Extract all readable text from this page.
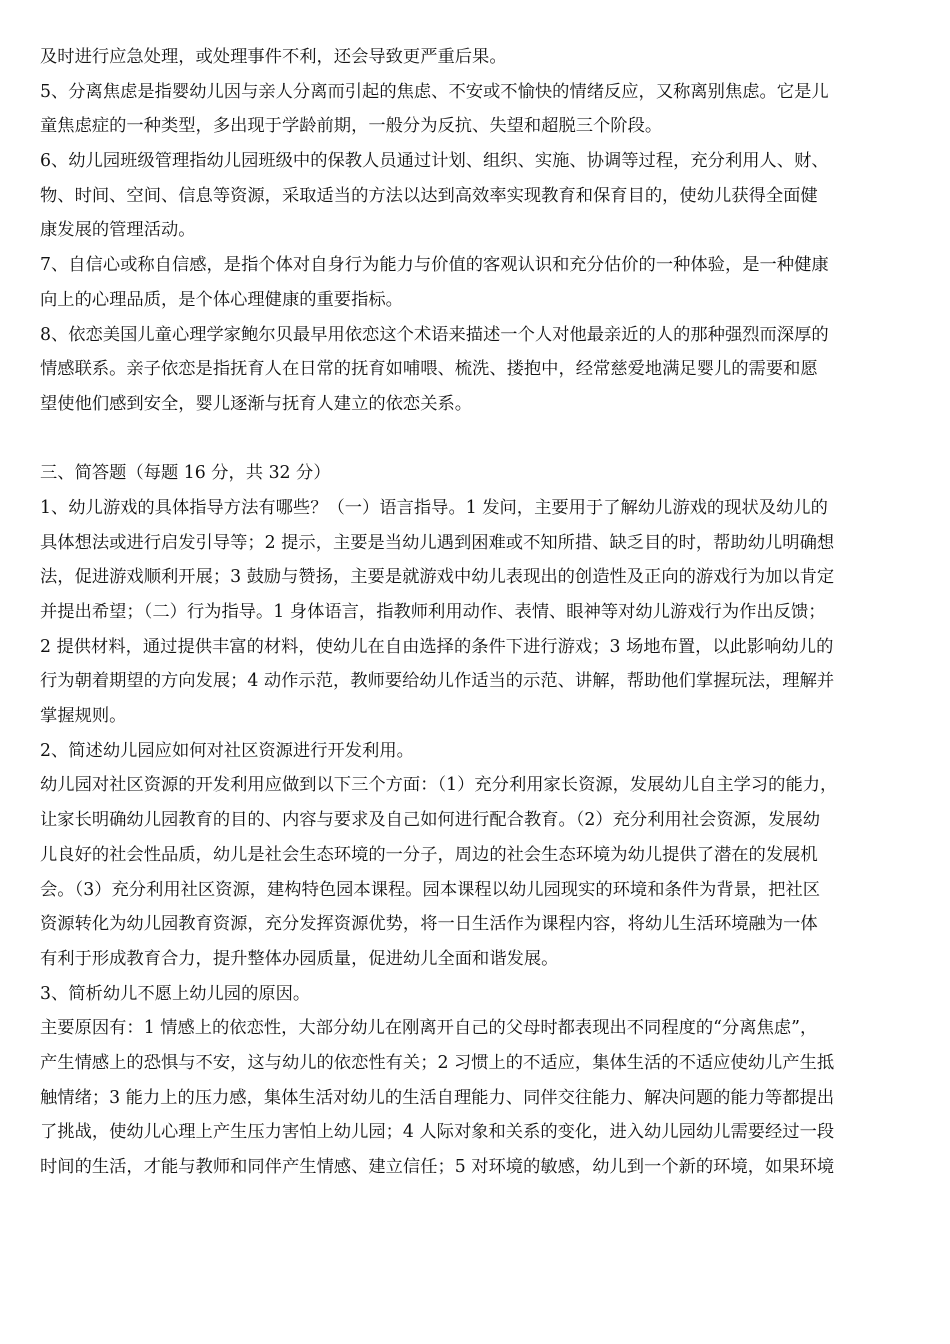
及时进行应急处理，或处理事件不利，还会导致更严重后果。
5、分离焦虑是指婴幼儿因与亲人分离而引起的焦虑、不安或不愉快的情绪反应，又称离别焦虑。它是儿
童焦虑症的一种类型，多出现于学龄前期，一般分为反抗、失望和超脱三个阶段。
6、幼儿园班级管理指幼儿园班级中的保教人员通过计划、组织、实施、协调等过程，充分利用人、财、
物、时间、空间、信息等资源，采取适当的方法以达到高效率实现教育和保育目的，使幼儿获得全面健
康发展的管理活动。
7、自信心或称自信感，是指个体对自身行为能力与价值的客观认识和充分估价的一种体验，是一种健康
向上的心理品质，是个体心理健康的重要指标。
8、依恋美国儿童心理学家鲍尔贝最早用依恋这个术语来描述一个人对他最亲近的人的那种强烈而深厚的
情感联系。亲子依恋是指抚育人在日常的抚育如哺喂、梳洗、搂抱中，经常慈爱地满足婴儿的需要和愿
望使他们感到安全，婴儿逐渐与抚育人建立的依恋关系。
三、简答题（每题 16 分，共 32 分）
1、幼儿游戏的具体指导方法有哪些？（一）语言指导。1 发问，主要用于了解幼儿游戏的现状及幼儿的
具体想法或进行启发引导等；2 提示，主要是当幼儿遇到困难或不知所措、缺乏目的时，帮助幼儿明确想
法，促进游戏顺利开展；3 鼓励与赞扬，主要是就游戏中幼儿表现出的创造性及正向的游戏行为加以肯定
并提出希望；（二）行为指导。1 身体语言，指教师利用动作、表情、眼神等对幼儿游戏行为作出反馈；
2 提供材料，通过提供丰富的材料，使幼儿在自由选择的条件下进行游戏；3 场地布置，以此影响幼儿的
行为朝着期望的方向发展；4 动作示范，教师要给幼儿作适当的示范、讲解，帮助他们掌握玩法，理解并
掌握规则。
2、简述幼儿园应如何对社区资源进行开发利用。
幼儿园对社区资源的开发利用应做到以下三个方面：（1）充分利用家长资源，发展幼儿自主学习的能力，
让家长明确幼儿园教育的目的、内容与要求及自己如何进行配合教育。（2）充分利用社会资源，发展幼
儿良好的社会性品质，幼儿是社会生态环境的一分子，周边的社会生态环境为幼儿提供了潜在的发展机
会。（3）充分利用社区资源，建构特色园本课程。园本课程以幼儿园现实的环境和条件为背景，把社区
资源转化为幼儿园教育资源，充分发挥资源优势，将一日生活作为课程内容，将幼儿生活环境融为一体
有利于形成教育合力，提升整体办园质量，促进幼儿全面和谐发展。
3、简析幼儿不愿上幼儿园的原因。
主要原因有：1 情感上的依恋性，大部分幼儿在刚离开自己的父母时都表现出不同程度的“分离焦虑”，
产生情感上的恐惧与不安，这与幼儿的依恋性有关；2 习惯上的不适应，集体生活的不适应使幼儿产生抵
触情绪；3 能力上的压力感，集体生活对幼儿的生活自理能力、同伴交往能力、解决问题的能力等都提出
了挑战，使幼儿心理上产生压力害怕上幼儿园；4 人际对象和关系的变化，进入幼儿园幼儿需要经过一段
时间的生活，才能与教师和同伴产生情感、建立信任；5 对环境的敏感，幼儿到一个新的环境，如果环境
